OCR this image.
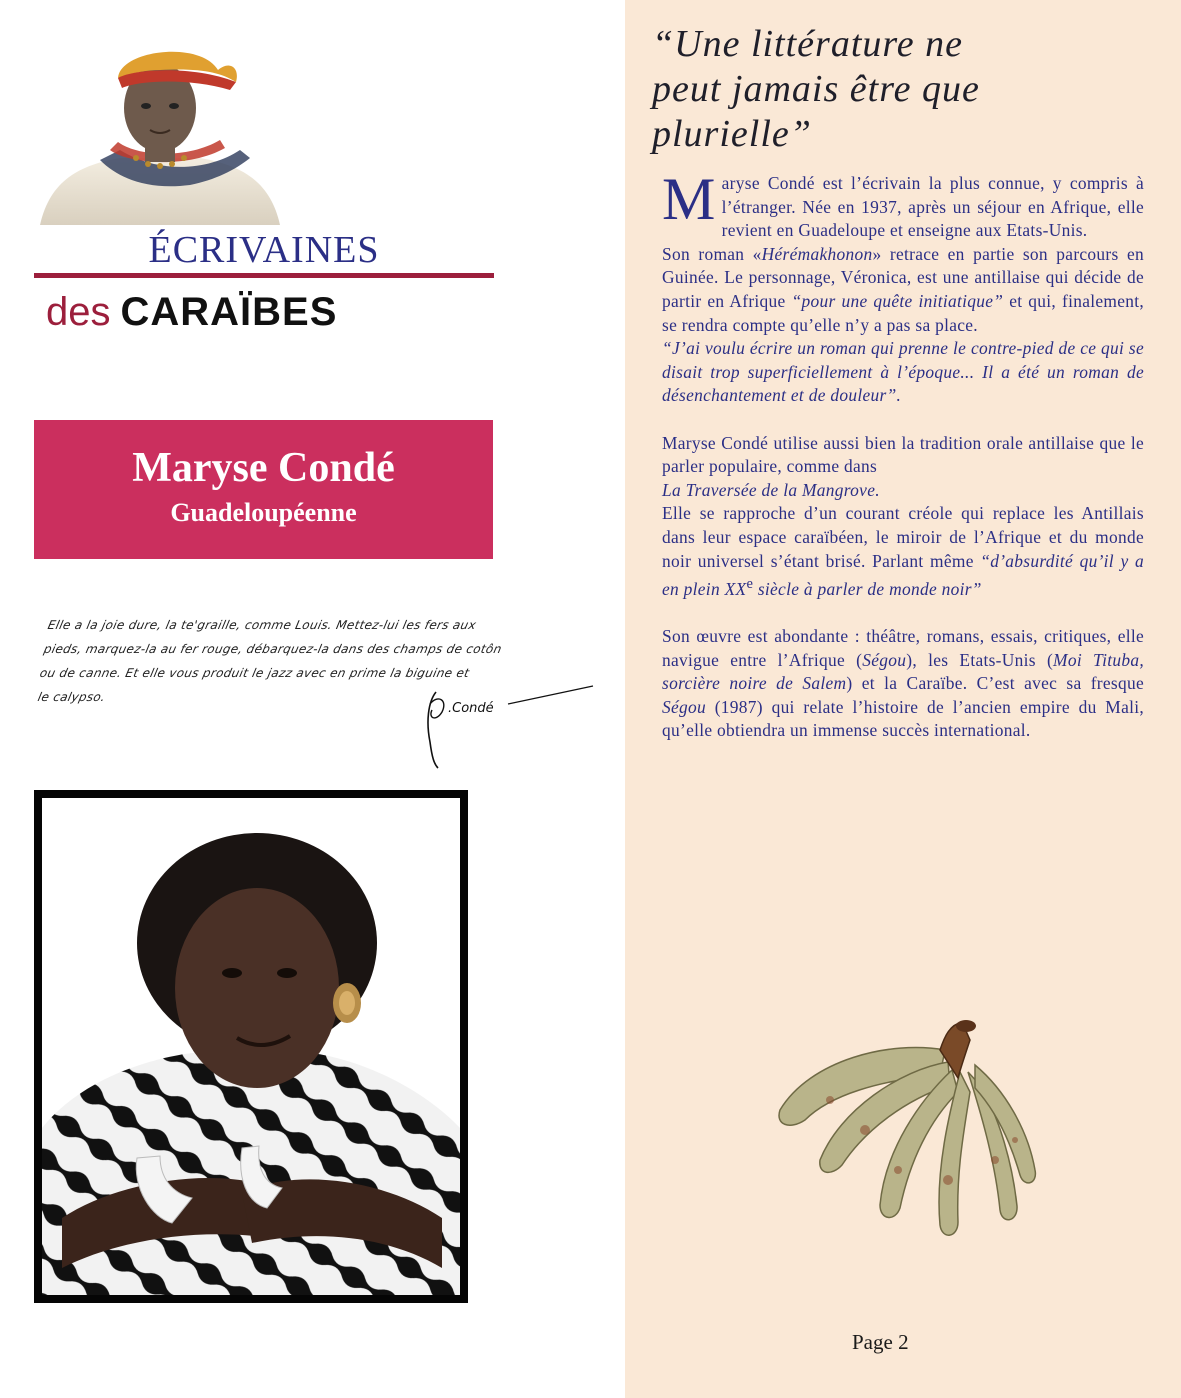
ÉCRIVAINES
des CARAÏBES
Maryse Condé
Guadeloupéenne
Elle a la joie dure, la te'graille, comme Louis. Mettez-lui les fers aux
pieds, marquez-la au fer rouge, débarquez-la dans des champs de cotôn
ou de canne. Et elle vous produit le jazz avec en prime la biguine et
le calypso.
.Condé
“Une littérature ne
peut jamais être que
plurielle”

Maryse Condé est l’écrivain la plus connue, y compris à l’étranger. Née en 1937, après un séjour en Afrique, elle revient en Guadeloupe et enseigne aux Etats-Unis.

Son roman «Hérémakhonon» retrace en partie son parcours en Guinée. Le personnage, Véronica, est une antillaise qui décide de partir en Afrique “pour une quête initiatique” et qui, finalement, se rendra compte qu’elle n’y a pas sa place.

“J’ai voulu écrire un roman qui prenne le contre-pied de ce qui se disait trop superficiellement à l’époque... Il a été un roman de désenchantement et de douleur”.

Maryse Condé utilise aussi bien la tradition orale antillaise que le parler populaire, comme dans
La Traversée de la Mangrove.

Elle se rapproche d’un courant créole qui replace les Antillais dans leur espace caraïbéen, le miroir de l’Afrique et du monde noir universel s’étant brisé. Parlant même “d’absurdité qu’il y a en plein XXe siècle à parler de monde noir”

Son œuvre est abondante : théâtre, romans, essais, critiques, elle navigue entre l’Afrique (Ségou), les Etats-Unis (Moi Tituba, sorcière noire de Salem) et la Caraïbe. C’est avec sa fresque Ségou (1987) qui relate l’histoire de l’ancien empire du Mali, qu’elle obtiendra un immense succès international.

Page 2
